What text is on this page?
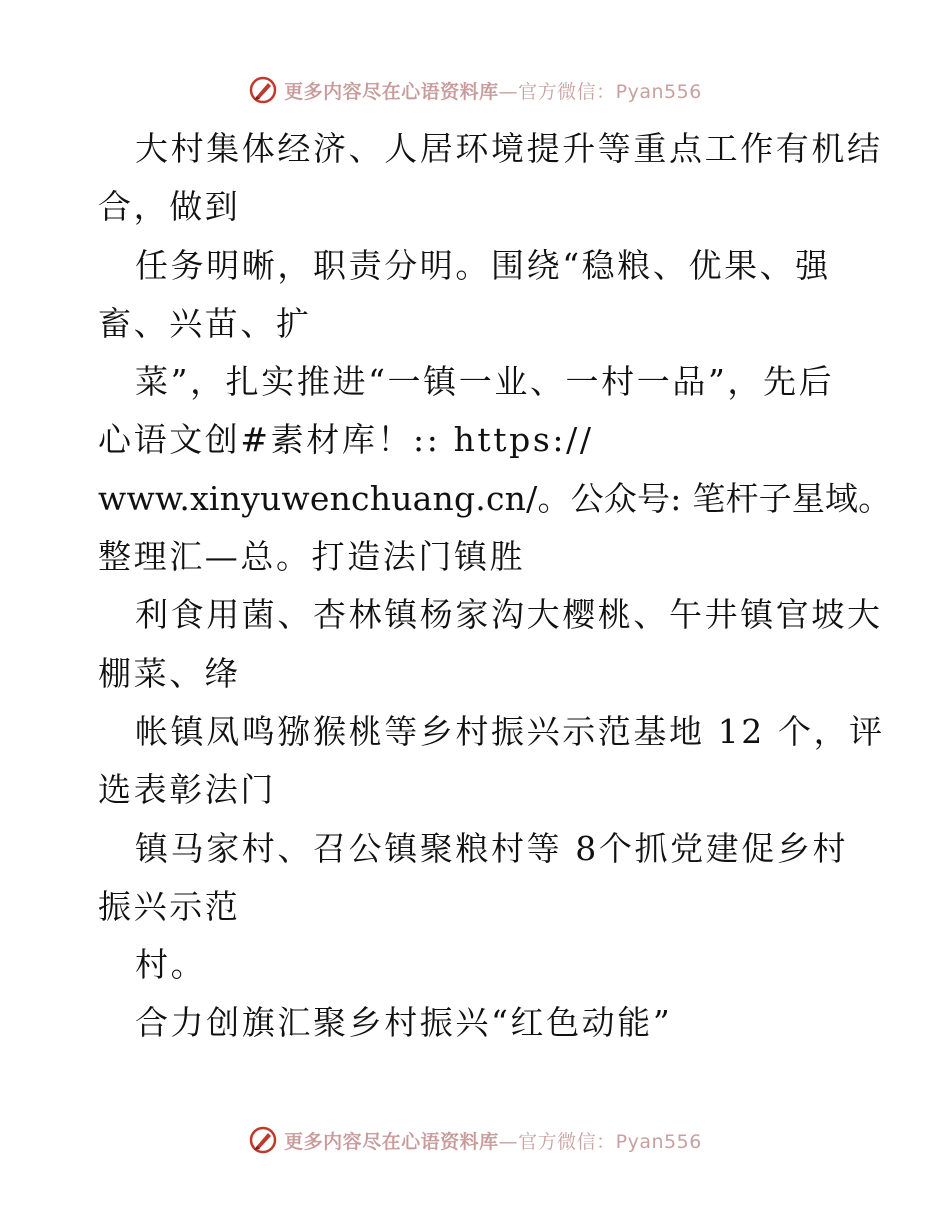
更多内容尽在心语资料库—官方微信：Pyan556
大村集体经济、人居环境提升等重点工作有机结
合，做到
任务明晰，职责分明。围绕“稳粮、优果、强
畜、兴苗、扩
菜”，扎实推进“一镇一业、一村一品”，先后
心语文创#素材库！:: https://
www.xinyuwenchuang.cn/。公众号: 笔杆子星域。
整理汇—总。打造法门镇胜
利食用菌、杏林镇杨家沟大樱桃、午井镇官坡大
棚菜、绛
帐镇凤鸣猕猴桃等乡村振兴示范基地 12 个，评
选表彰法门
镇马家村、召公镇聚粮村等 8个抓党建促乡村
振兴示范
村。
合力创旗汇聚乡村振兴“红色动能”
更多内容尽在心语资料库—官方微信：Pyan556
